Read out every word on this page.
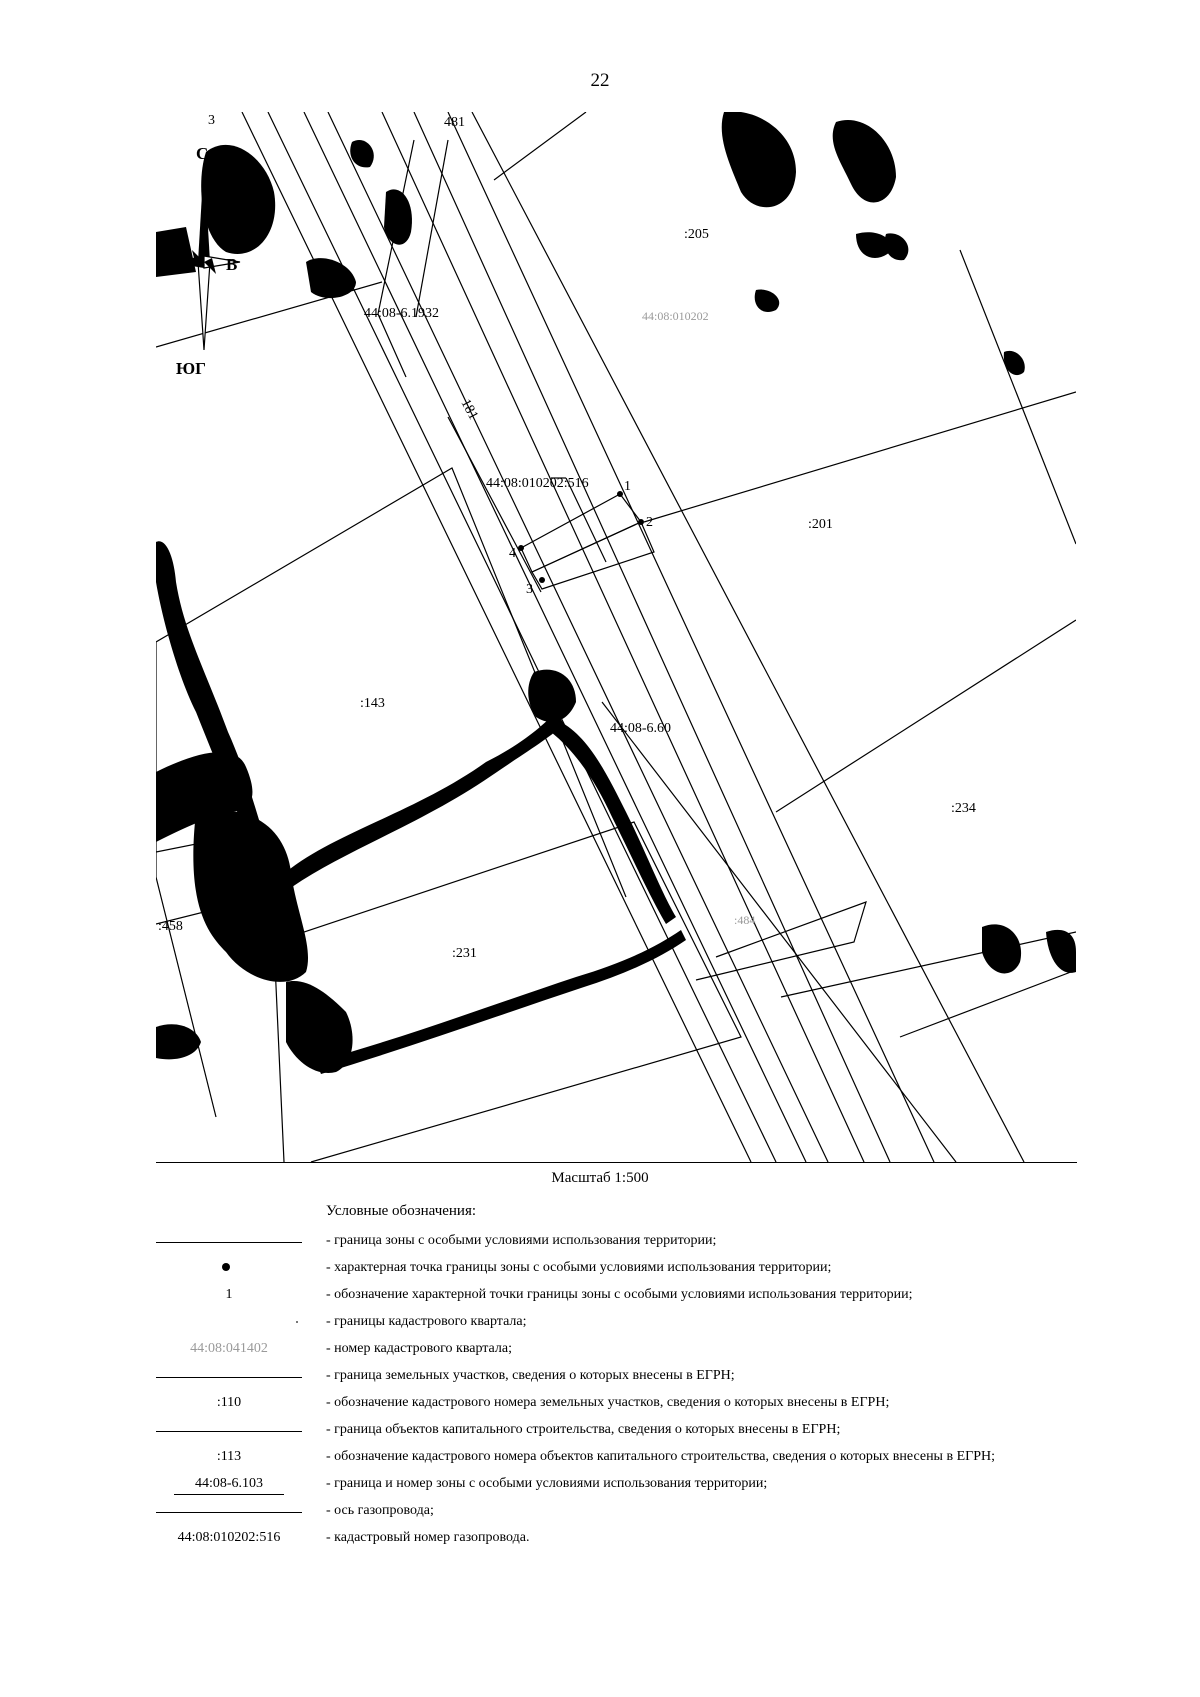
22
С
В
ЮГ
3	481
:205
44:08:010202
44:08-6.1932
181
44:08:010202:516
:201
1
2
3
4
:143
44:08-6.60
:234
:458	:484
:231
Масштаб 1:500
Условные обозначения:
- граница зоны с особыми условиями использования территории;
- характерная точка границы зоны с особыми условиями использования территории;
1	- обозначение характерной точки границы зоны с особыми условиями использования территории;
- границы кадастрового квартала;
44:08:041402	- номер кадастрового квартала;
- граница земельных участков, сведения о которых внесены в ЕГРН;
:110	- обозначение кадастрового номера земельных участков, сведения о которых внесены в ЕГРН;
- граница объектов капитального строительства, сведения о которых внесены в ЕГРН;
:113	- обозначение кадастрового номера объектов капитального строительства, сведения о которых внесены в ЕГРН;
44:08-6.103	- граница и номер зоны с особыми условиями использования территории;
- ось газопровода;
44:08:010202:516	- кадастровый номер газопровода.
